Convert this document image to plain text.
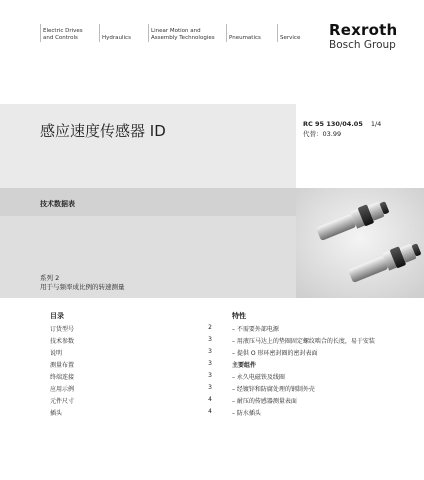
Electric Drives
and Controls	Hydraulics
Linear Motion and
Assembly Technologies	Pneumatics	Service Rexroth
Bosch Group
感应速度传感器 ID	RC 95 130/04.05 1/4
代替：03.99
技术数据表
系列 2
用于与频率成比例的转速测量
目录
订货型号	2
技术参数	3
说明	3
测量布置	3
终端连接	3
应用示例	3
元件尺寸	4
插头	4
特性
– 不需要外部电源
– 用液压马达上的垫圈固定螺纹啮合的长度，易于安装
– 提供 O 形环密封圈的密封表面
主要组件
– 永久电磁铁及线圈
– 经镀锌和防腐处理的钢制外壳
– 耐压的传感器测量表面
– 防水插头
